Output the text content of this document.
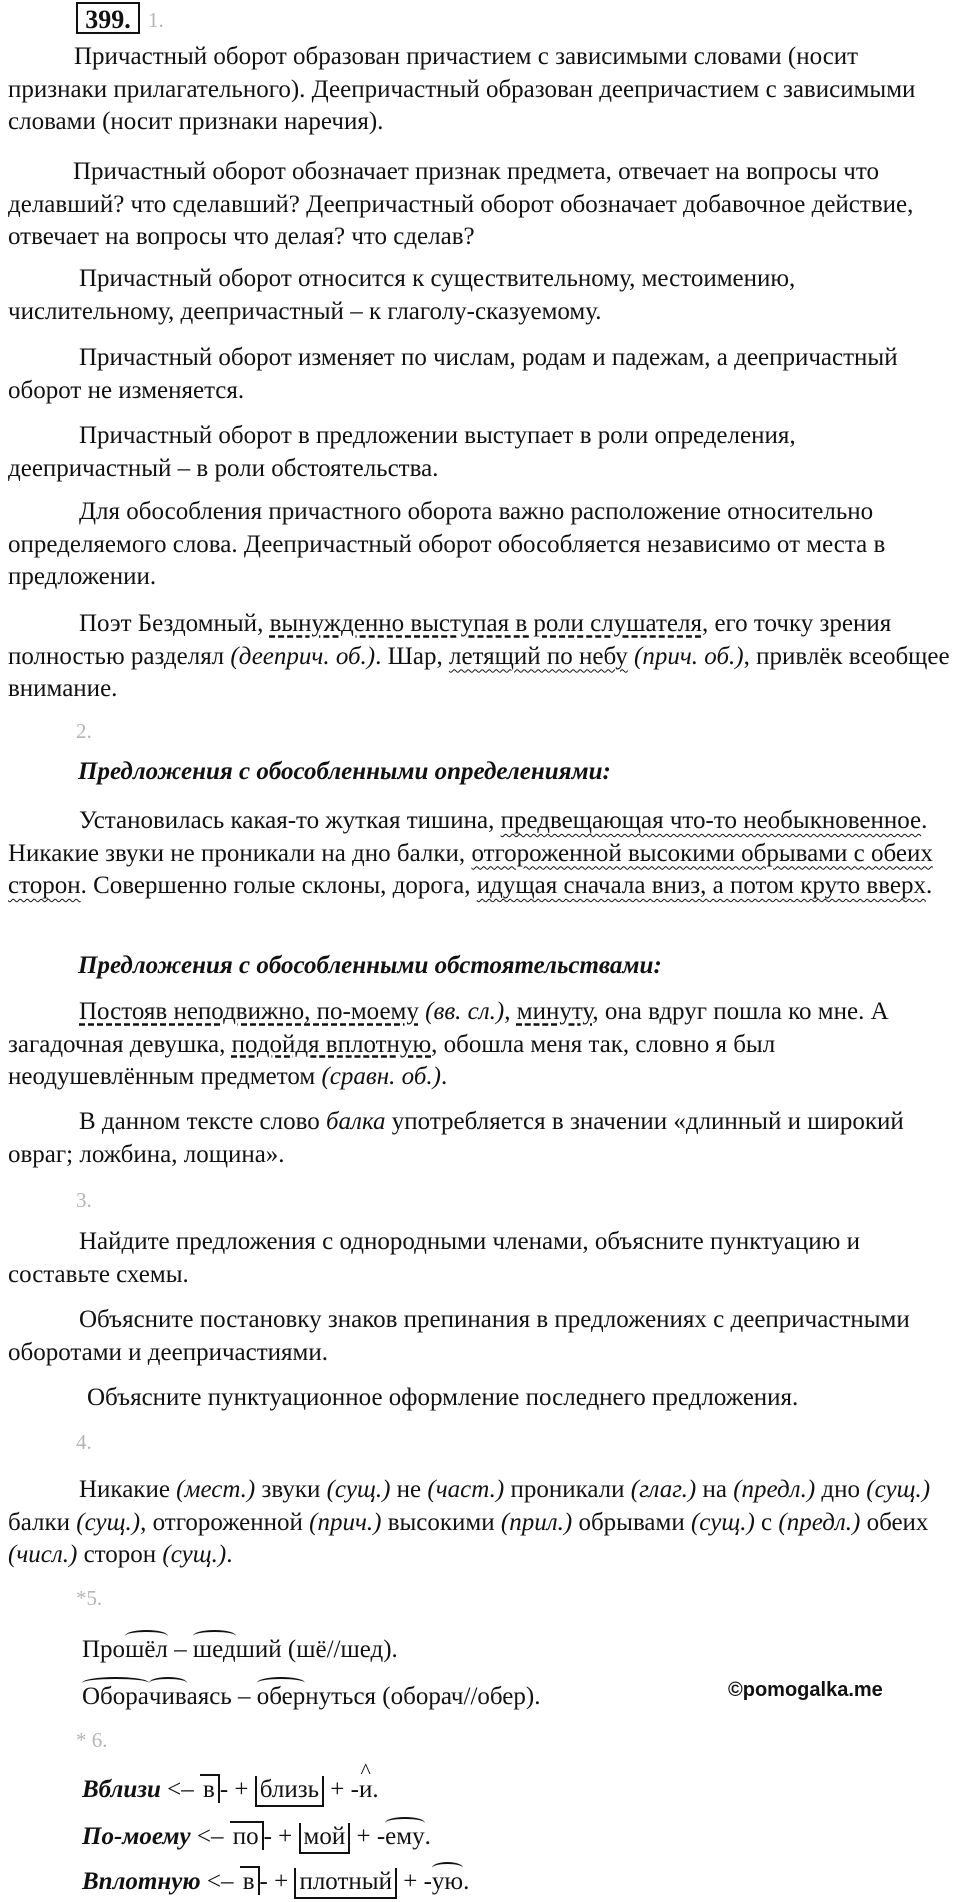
399. 1.

Причастный оборот образован причастием с зависимыми словами (носит признаки прилагательного). Деепричастный образован деепричастием с зависимыми словами (носит признаки наречия).

Причастный оборот обозначает признак предмета, отвечает на вопросы что делавший? что сделавший? Деепричастный оборот обозначает добавочное действие, отвечает на вопросы что делая? что сделав?

Причастный оборот относится к существительному, местоимению, числительному, деепричастный – к глаголу-сказуемому.

Причастный оборот изменяет по числам, родам и падежам, а деепричастный оборот не изменяется.

Причастный оборот в предложении выступает в роли определения, деепричастный – в роли обстоятельства.

Для обособления причастного оборота важно расположение относительно определяемого слова. Деепричастный оборот обособляется независимо от места в предложении.

Поэт Бездомный, вынужденно выступая в роли слушателя, его точку зрения полностью разделял (дееприч. об.). Шар, летящий по небу (прич. об.), привлёк всеобщее внимание.

2.
Предложения с обособленными определениями:

Установилась какая-то жуткая тишина, предвещающая что-то необыкновенное. Никакие звуки не проникали на дно балки, отгороженной высокими обрывами с обеих сторон. Совершенно голые склоны, дорога, идущая сначала вниз, а потом круто вверх.

Предложения с обособленными обстоятельствами:

Постояв неподвижно, по-моему (вв. сл.), минуту, она вдруг пошла ко мне. А загадочная девушка, подойдя вплотную, обошла меня так, словно я был неодушевлённым предметом (сравн. об.).

В данном тексте слово балка употребляется в значении «длинный и широкий овраг; ложбина, лощина».

3.

Найдите предложения с однородными членами, объясните пунктуацию и составьте схемы.

Объясните постановку знаков препинания в предложениях с деепричастными оборотами и деепричастиями.

Объясните пунктуационное оформление последнего предложения.

4.

Никакие (мест.) звуки (сущ.) не (част.) проникали (глаг.) на (предл.) дно (сущ.) балки (сущ.), отгороженной (прич.) высокими (прил.) обрывами (сущ.) с (предл.) обеих (числ.) сторон (сущ.).

*5.
Прошёл – шедший (шё//шед).
Оборачиваясь – обернуться (оборач//обер).	©pomogalka.me
* 6.
Вблизи <– в - + близь + -^ и.
По-моему <– по - + мой + -ему.
Вплотную <– в - + плотный + -ую.
